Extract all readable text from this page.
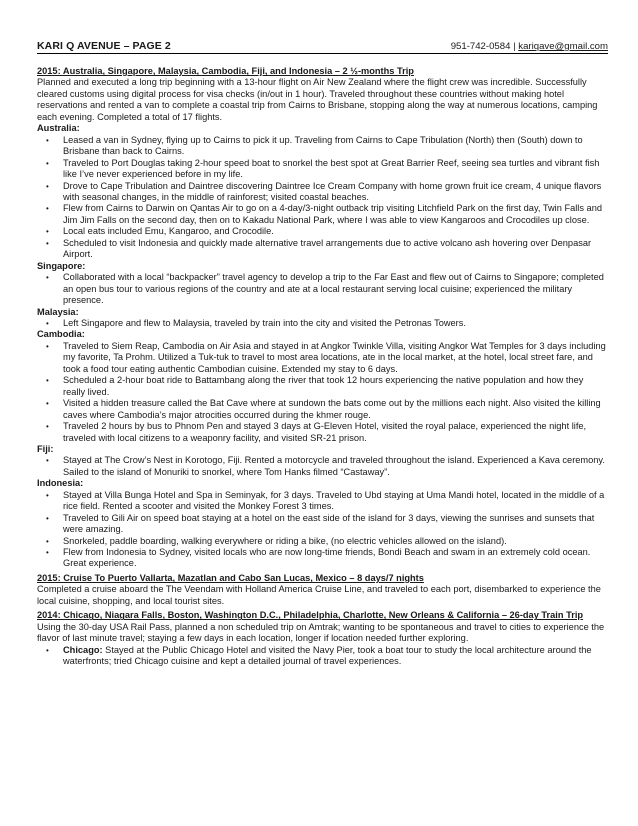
KARI Q AVENUE – PAGE 2	951-742-0584 | kariqave@gmail.com
2015: Australia, Singapore, Malaysia, Cambodia, Fiji, and Indonesia – 2 ½-months Trip
Planned and executed a long trip beginning with a 13-hour flight on Air New Zealand where the flight crew was incredible. Successfully cleared customs using digital process for visa checks (in/out in 1 hour). Traveled throughout these countries without making hotel reservations and rented a van to complete a coastal trip from Cairns to Brisbane, stopping along the way at numerous locations, camping each evening. Completed a total of 17 flights.
Australia:
• Leased a van in Sydney, flying up to Cairns to pick it up. Traveling from Cairns to Cape Tribulation (North) then (South) down to Brisbane than back to Cairns.
• Traveled to Port Douglas taking 2-hour speed boat to snorkel the best spot at Great Barrier Reef, seeing sea turtles and vibrant fish like I’ve never experienced before in my life.
• Drove to Cape Tribulation and Daintree discovering Daintree Ice Cream Company with home grown fruit ice cream, 4 unique flavors with seasonal changes, in the middle of rainforest; visited coastal beaches.
• Flew from Cairns to Darwin on Qantas Air to go on a 4-day/3-night outback trip visiting Litchfield Park on the first day, Twin Falls and Jim Jim Falls on the second day, then on to Kakadu National Park, where I was able to view Kangaroos and Crocodiles up close.
• Local eats included Emu, Kangaroo, and Crocodile.
• Scheduled to visit Indonesia and quickly made alternative travel arrangements due to active volcano ash hovering over Denpasar Airport.
Singapore:
• Collaborated with a local “backpacker” travel agency to develop a trip to the Far East and flew out of Cairns to Singapore; completed an open bus tour to various regions of the country and ate at a local restaurant serving local cuisine; experienced the military presence.
Malaysia:
• Left Singapore and flew to Malaysia, traveled by train into the city and visited the Petronas Towers.
Cambodia:
• Traveled to Siem Reap, Cambodia on Air Asia and stayed in at Angkor Twinkle Villa, visiting Angkor Wat Temples for 3 days including my favorite, Ta Prohm. Utilized a Tuk-tuk to travel to most area locations, ate in the local market, at the hotel, local street fare, and took a food tour eating authentic Cambodian cuisine. Extended my stay to 6 days.
• Scheduled a 2-hour boat ride to Battambang along the river that took 12 hours experiencing the native population and how they really lived.
• Visited a hidden treasure called the Bat Cave where at sundown the bats come out by the millions each night. Also visited the killing caves where Cambodia’s major atrocities occurred during the khmer rouge.
• Traveled 2 hours by bus to Phnom Pen and stayed 3 days at G-Eleven Hotel, visited the royal palace, experienced the night life, traveled with local citizens to a weaponry facility, and visited SR-21 prison.
Fiji:
• Stayed at The Crow’s Nest in Korotogo, Fiji. Rented a motorcycle and traveled throughout the island. Experienced a Kava ceremony. Sailed to the island of Monuriki to snorkel, where Tom Hanks filmed “Castaway”.
Indonesia:
• Stayed at Villa Bunga Hotel and Spa in Seminyak, for 3 days. Traveled to Ubd staying at Uma Mandi hotel, located in the middle of a rice field. Rented a scooter and visited the Monkey Forest 3 times.
• Traveled to Gili Air on speed boat staying at a hotel on the east side of the island for 3 days, viewing the sunrises and sunsets that were amazing.
• Snorkeled, paddle boarding, walking everywhere or riding a bike, (no electric vehicles allowed on the island).
• Flew from Indonesia to Sydney, visited locals who are now long-time friends, Bondi Beach and swam in an extremely cold ocean. Great experience.
2015: Cruise To Puerto Vallarta, Mazatlan and Cabo San Lucas, Mexico – 8 days/7 nights
Completed a cruise aboard the The Veendam with Holland America Cruise Line, and traveled to each port, disembarked to experience the local cuisine, shopping, and local tourist sites.
2014: Chicago, Niagara Falls, Boston, Washington D.C., Philadelphia, Charlotte, New Orleans & California – 26-day Train Trip
Using the 30-day USA Rail Pass, planned a non scheduled trip on Amtrak; wanting to be spontaneous and travel to cities to experience the flavor of last minute travel; staying a few days in each location, longer if location needed further exploring.
• Chicago: Stayed at the Public Chicago Hotel and visited the Navy Pier, took a boat tour to study the local architecture around the waterfronts; tried Chicago cuisine and kept a detailed journal of travel experiences.
